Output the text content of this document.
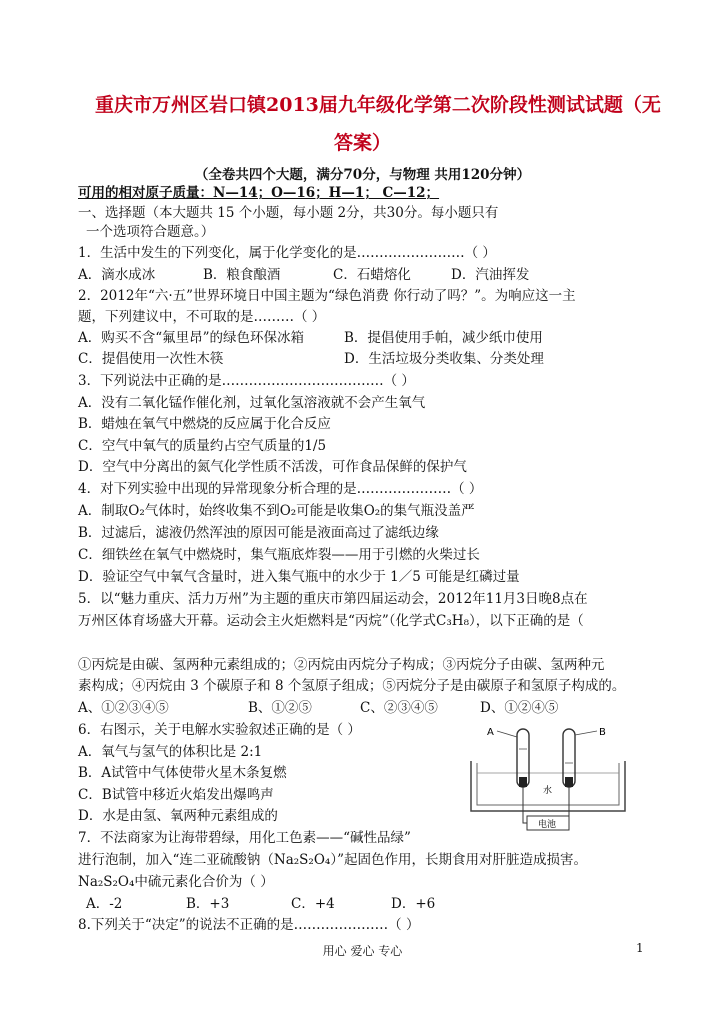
重庆市万州区岩口镇2013届九年级化学第二次阶段性测试试题（无
答案）
（全卷共四个大题，满分70分，与物理 共用120分钟）
可用的相对原子质量：N—14；O—16；H—1； C—12；
一、选择题（本大题共 15 个小题，每小题 2分，共30分。每小题只有
一个选项符合题意。）
1．生活中发生的下列变化，属于化学变化的是……………………（ ）
A．滴水成冰	B．粮食酿酒	C．石蜡熔化	D．汽油挥发
2．2012年“六·五”世界环境日中国主题为“绿色消费 你行动了吗？”。为响应这一主
题，下列建议中，不可取的是………（ ）
A．购买不含“氟里昂”的绿色环保冰箱	B．提倡使用手帕，减少纸巾使用
C．提倡使用一次性木筷	D．生活垃圾分类收集、分类处理
3．下列说法中正确的是………………………………（ ）
A．没有二氧化锰作催化剂，过氧化氢溶液就不会产生氧气
B．蜡烛在氧气中燃烧的反应属于化合反应
C．空气中氧气的质量约占空气质量的1/5
D．空气中分离出的氮气化学性质不活泼，可作食品保鲜的保护气
4．对下列实验中出现的异常现象分析合理的是…………………（ ）
A．制取O₂气体时，始终收集不到O₂可能是收集O₂的集气瓶没盖严
B．过滤后，滤液仍然浑浊的原因可能是液面高过了滤纸边缘
C．细铁丝在氧气中燃烧时，集气瓶底炸裂——用于引燃的火柴过长
D．验证空气中氧气含量时，进入集气瓶中的水少于 1／5 可能是红磷过量
5．以“魅力重庆、活力万州”为主题的重庆市第四届运动会，2012年11月3日晚8点在
万州区体育场盛大开幕。运动会主火炬燃料是“丙烷”（化学式C₃H₈），以下正确的是（
①丙烷是由碳、氢两种元素组成的；②丙烷由丙烷分子构成；③丙烷分子由碳、氢两种元
素构成；④丙烷由 3 个碳原子和 8 个氢原子组成；⑤丙烷分子是由碳原子和氢原子构成的。
A、①②③④⑤	B、①②⑤	C、②③④⑤	D、①②④⑤
6．右图示，关于电解水实验叙述正确的是（ ）
A．氧气与氢气的体积比是 2:1
B．A试管中气体使带火星木条复燃
C．B试管中移近火焰发出爆鸣声
D．水是由氢、氧两种元素组成的
A	B
水
电池
7．不法商家为让海带碧绿，用化工色素——“碱性品绿”
进行泡制，加入“连二亚硫酸钠（Na₂S₂O₄）”起固色作用，长期食用对肝脏造成损害。
Na₂S₂O₄中硫元素化合价为（ ）
A．-2	B．+3	C．+4	D．+6
8.下列关于“决定”的说法不正确的是…………………（ ）
用心 爱心 专心	1
